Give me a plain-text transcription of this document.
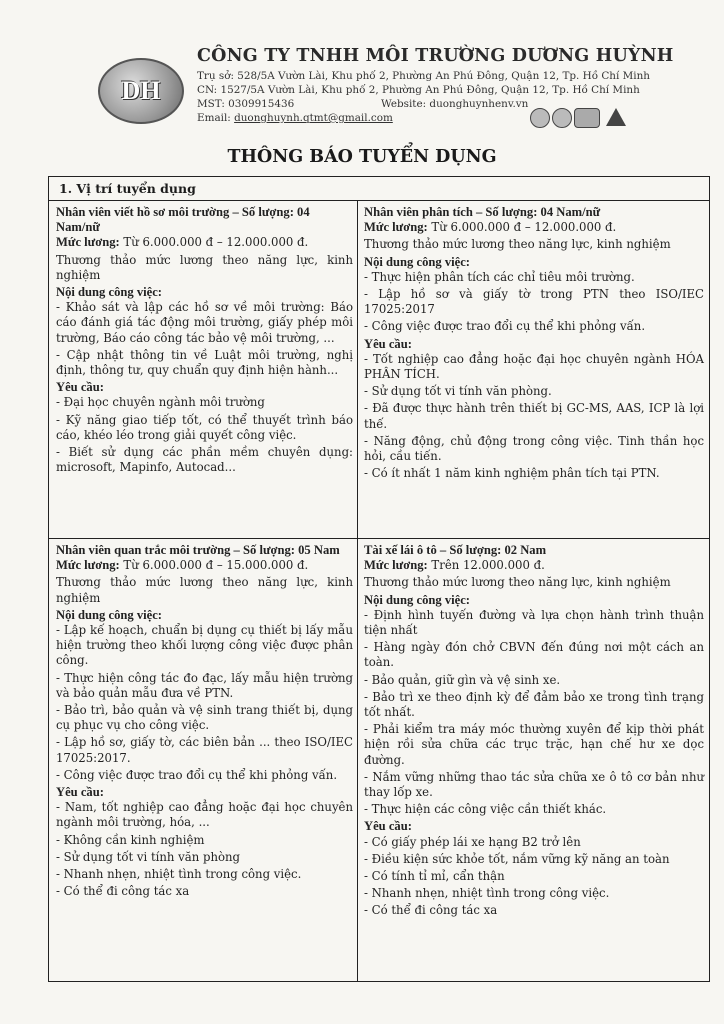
DH
CÔNG TY TNHH MÔI TRƯỜNG DƯƠNG HUỲNH
Trụ sở: 528/5A Vườn Lài, Khu phố 2, Phường An Phú Đông, Quận 12, Tp. Hồ Chí Minh
CN: 1527/5A Vườn Lài, Khu phố 2, Phường An Phú Đông, Quận 12, Tp. Hồ Chí Minh
MST: 0309915436	Website: duonghuynhenv.vn
Email: duonghuynh.qtmt@gmail.com
THÔNG BÁO TUYỂN DỤNG
1. Vị trí tuyển dụng
Nhân viên viết hồ sơ môi trường – Số lượng: 04 Nam/nữ
Mức lương: Từ 6.000.000 đ – 12.000.000 đ.
Thương thảo mức lương theo năng lực, kinh nghiệm
Nội dung công việc:
- Khảo sát và lập các hồ sơ về môi trường: Báo cáo đánh giá tác động môi trường, giấy phép môi trường, Báo cáo công tác bảo vệ môi trường, ...
- Cập nhật thông tin về Luật môi trường, nghị định, thông tư, quy chuẩn quy định hiện hành...
Yêu cầu:
- Đại học chuyên ngành môi trường
- Kỹ năng giao tiếp tốt, có thể thuyết trình báo cáo, khéo léo trong giải quyết công việc.
- Biết sử dụng các phần mềm chuyên dụng: microsoft, Mapinfo, Autocad...
Nhân viên phân tích – Số lượng: 04 Nam/nữ
Mức lương: Từ 6.000.000 đ – 12.000.000 đ.
Thương thảo mức lương theo năng lực, kinh nghiệm
Nội dung công việc:
- Thực hiện phân tích các chỉ tiêu môi trường.
- Lập hồ sơ và giấy tờ trong PTN theo ISO/IEC 17025:2017
- Công việc được trao đổi cụ thể khi phỏng vấn.
Yêu cầu:
- Tốt nghiệp cao đẳng hoặc đại học chuyên ngành HÓA PHÂN TÍCH.
- Sử dụng tốt vi tính văn phòng.
- Đã được thực hành trên thiết bị GC-MS, AAS, ICP là lợi thế.
- Năng động, chủ động trong công việc. Tinh thần học hỏi, cầu tiến.
- Có ít nhất 1 năm kinh nghiệm phân tích tại PTN.
Nhân viên quan trắc môi trường – Số lượng: 05 Nam
Mức lương: Từ 6.000.000 đ – 15.000.000 đ.
Thương thảo mức lương theo năng lực, kinh nghiệm
Nội dung công việc:
- Lập kế hoạch, chuẩn bị dụng cụ thiết bị lấy mẫu hiện trường theo khối lượng công việc được phân công.
- Thực hiện công tác đo đạc, lấy mẫu hiện trường và bảo quản mẫu đưa về PTN.
- Bảo trì, bảo quản và vệ sinh trang thiết bị, dụng cụ phục vụ cho công việc.
- Lập hồ sơ, giấy tờ, các biên bản ... theo ISO/IEC 17025:2017.
- Công việc được trao đổi cụ thể khi phỏng vấn.
Yêu cầu:
- Nam, tốt nghiệp cao đẳng hoặc đại học chuyên ngành môi trường, hóa, ...
- Không cần kinh nghiệm
- Sử dụng tốt vi tính văn phòng
- Nhanh nhẹn, nhiệt tình trong công việc.
- Có thể đi công tác xa
Tài xế lái ô tô – Số lượng: 02 Nam
Mức lương: Trên 12.000.000 đ.
Thương thảo mức lương theo năng lực, kinh nghiệm
Nội dung công việc:
- Định hình tuyến đường và lựa chọn hành trình thuận tiện nhất
- Hàng ngày đón chở CBVN đến đúng nơi một cách an toàn.
- Bảo quản, giữ gìn và vệ sinh xe.
- Bảo trì xe theo định kỳ để đảm bảo xe trong tình trạng tốt nhất.
- Phải kiểm tra máy móc thường xuyên để kịp thời phát hiện rồi sửa chữa các trục trặc, hạn chế hư xe dọc đường.
- Nắm vững những thao tác sửa chữa xe ô tô cơ bản như thay lốp xe.
- Thực hiện các công việc cần thiết khác.
Yêu cầu:
- Có giấy phép lái xe hạng B2 trở lên
- Điều kiện sức khỏe tốt, nắm vững kỹ năng an toàn
- Có tính tỉ mỉ, cẩn thận
- Nhanh nhẹn, nhiệt tình trong công việc.
- Có thể đi công tác xa
